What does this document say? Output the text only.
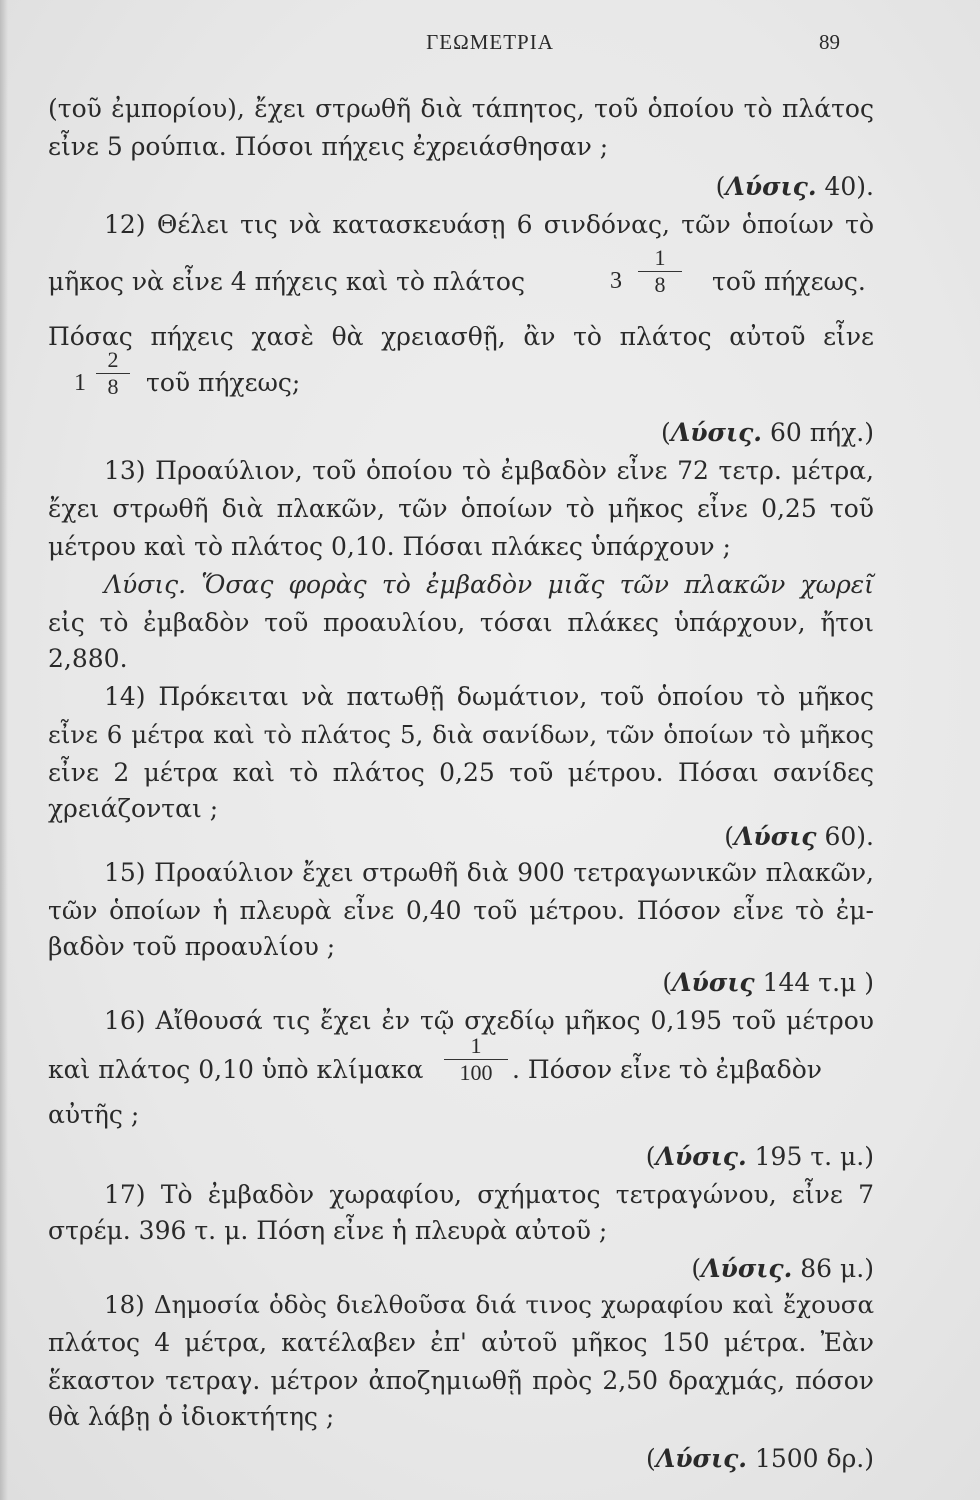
ΓΕΩΜΕΤΡΙΑ	89
(τοῦ ἐμπορίου), ἔχει στρωθῆ διὰ τάπητος, τοῦ ὁποίου τὸ πλάτος
εἶνε 5 ρούπια. Πόσοι πήχεις ἐχρειάσθησαν ;
(Λύσις. 40).
12) Θέλει τις νὰ κατασκευάσῃ 6 σινδόνας, τῶν ὁποίων τὸ
μῆκος νὰ εἶνε 4 πήχεις καὶ τὸ πλάτος	3
1
8	τοῦ πήχεως.
Πόσας πήχεις χασὲ θὰ χρειασθῇ, ἂν τὸ πλάτος αὐτοῦ εἶνε
1
2
8	τοῦ πήχεως;
(Λύσις. 60 πήχ.)
13) Προαύλιον, τοῦ ὁποίου τὸ ἐμβαδὸν εἶνε 72 τετρ. μέτρα,
ἔχει στρωθῆ διὰ πλακῶν, τῶν ὁποίων τὸ μῆκος εἶνε 0,25 τοῦ
μέτρου καὶ τὸ πλάτος 0,10. Πόσαι πλάκες ὑπάρχουν ;
Λύσις. Ὅσας φορὰς τὸ ἐμβαδὸν μιᾶς τῶν πλακῶν χωρεῖ
εἰς τὸ ἐμβαδὸν τοῦ προαυλίου, τόσαι πλάκες ὑπάρχουν, ἤτοι
2,880.
14) Πρόκειται νὰ πατωθῇ δωμάτιον, τοῦ ὁποίου τὸ μῆκος
εἶνε 6 μέτρα καὶ τὸ πλάτος 5, διὰ σανίδων, τῶν ὁποίων τὸ μῆκος
εἶνε 2 μέτρα καὶ τὸ πλάτος 0,25 τοῦ μέτρου. Πόσαι σανίδες
χρειάζονται ;
(Λύσις 60).
15) Προαύλιον ἔχει στρωθῆ διὰ 900 τετραγωνικῶν πλακῶν,
τῶν ὁποίων ἡ πλευρὰ εἶνε 0,40 τοῦ μέτρου. Πόσον εἶνε τὸ ἐμ-
βαδὸν τοῦ προαυλίου ;
(Λύσις 144 τ.μ )
16) Αἴθουσά τις ἔχει ἐν τῷ σχεδίῳ μῆκος 0,195 τοῦ μέτρου
καὶ πλάτος 0,10 ὑπὸ κλίμακα
1
100 . Πόσον εἶνε τὸ ἐμβαδὸν
αὐτῆς ;
(Λύσις. 195 τ. μ.)
17) Τὸ ἐμβαδὸν χωραφίου, σχήματος τετραγώνου, εἶνε 7
στρέμ. 396 τ. μ. Πόση εἶνε ἡ πλευρὰ αὐτοῦ ;
(Λύσις. 86 μ.)
18) Δημοσία ὁδὸς διελθοῦσα διά τινος χωραφίου καὶ ἔχουσα
πλάτος 4 μέτρα, κατέλαβεν ἐπ' αὐτοῦ μῆκος 150 μέτρα. Ἐὰν
ἕκαστον τετραγ. μέτρον ἀποζημιωθῇ πρὸς 2,50 δραχμάς, πόσον
θὰ λάβῃ ὁ ἰδιοκτήτης ;
(Λύσις. 1500 δρ.)
